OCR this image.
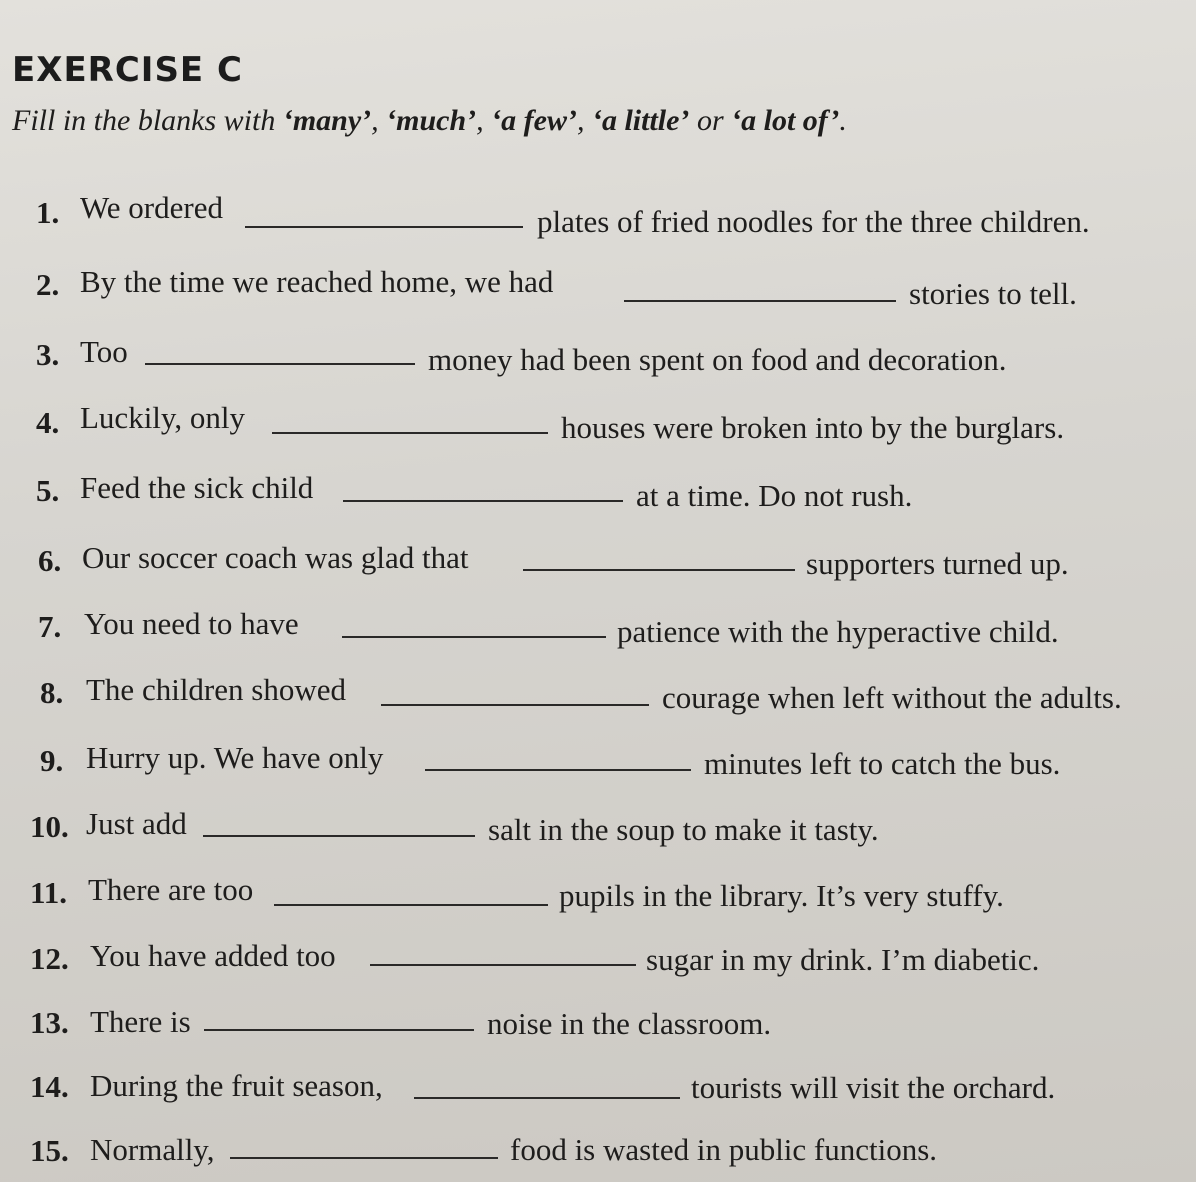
EXERCISE C
Fill in the blanks with ‘many’, ‘much’, ‘a few’, ‘a little’ or ‘a lot of’.
1. We ordered	plates of fried noodles for the three children.
2. By the time we reached home, we had	stories to tell.
3. Too	money had been spent on food and decoration.
4. Luckily, only	houses were broken into by the burglars.
5. Feed the sick child	at a time. Do not rush.
6. Our soccer coach was glad that	supporters turned up.
7. You need to have	patience with the hyperactive child.
8. The children showed	courage when left without the adults.
9. Hurry up. We have only	minutes left to catch the bus.
10. Just add	salt in the soup to make it tasty.
11. There are too	pupils in the library. It’s very stuffy.
12. You have added too	sugar in my drink. I’m diabetic.
13. There is	noise in the classroom.
14. During the fruit season,	tourists will visit the orchard.
15. Normally,	food is wasted in public functions.
